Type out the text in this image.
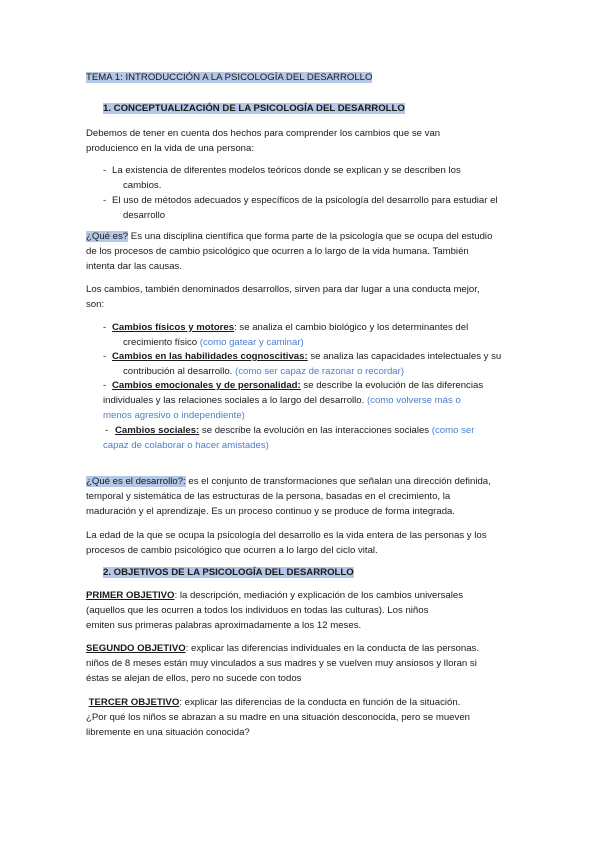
TEMA 1: INTRODUCCIÓN A LA PSICOLOGÍA DEL DESARROLLO
1. CONCEPTUALIZACIÓN DE LA PSICOLOGÍA DEL DESARROLLO
Debemos de tener en cuenta dos hechos para comprender los cambios que se van
producienco en la vida de una persona:
- La existencia de diferentes modelos teóricos donde se explican y se describen los
cambios.
- El uso de métodos adecuados y específicos de la psicología del desarrollo para estudiar el
desarrollo
¿Qué es? Es una disciplina científica que forma parte de la psicología que se ocupa del estudio
de los procesos de cambio psicológico que ocurren a lo largo de la vida humana. También
intenta dar las causas.
Los cambios, también denominados desarrollos, sirven para dar lugar a una conducta mejor,
son:
- Cambios físicos y motores: se analiza el cambio biológico y los determinantes del
crecimiento físico (como gatear y caminar)
- Cambios en las habilidades cognoscitivas: se analiza las capacidades intelectuales y su
contribución al desarrollo. (como ser capaz de razonar o recordar)
- Cambios emocionales y de personalidad: se describe la evolución de las diferencias
individuales y las relaciones sociales a lo largo del desarrollo. (como volverse más o
menos agresivo o independiente)
- Cambios sociales: se describe la evolución en las interacciones sociales (como ser
capaz de colaborar o hacer amistades)
¿Qué es el desarrollo?: es el conjunto de transformaciones que señalan una dirección definida,
temporal y sistemática de las estructuras de la persona, basadas en el crecimiento, la
maduración y el aprendizaje. Es un proceso continuo y se produce de forma integrada.
La edad de la que se ocupa la psicología del desarrollo es la vida entera de las personas y los
procesos de cambio psicológico que ocurren a lo largo del ciclo vital.
2. OBJETIVOS DE LA PSICOLOGÍA DEL DESARROLLO
PRIMER OBJETIVO: la descripción, mediación y explicación de los cambios universales
(aquellos que les ocurren a todos los individuos en todas las culturas). Los niños
emiten sus primeras palabras aproximadamente a los 12 meses.
SEGUNDO OBJETIVO: explicar las diferencias individuales en la conducta de las personas.
niños de 8 meses están muy vinculados a sus madres y se vuelven muy ansiosos y lloran si
éstas se alejan de ellos, pero no sucede con todos
TERCER OBJETIVO: explicar las diferencias de la conducta en función de la situación.
¿Por qué los niños se abrazan a su madre en una situación desconocida, pero se mueven
libremente en una situación conocida?
